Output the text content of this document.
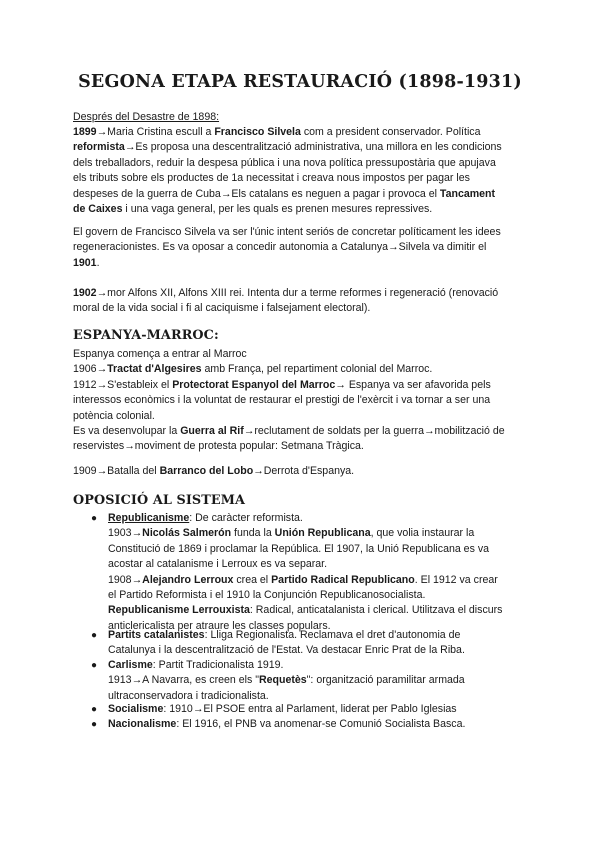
SEGONA ETAPA RESTAURACIÓ (1898-1931)

Després del Desastre de 1898:

1899→Maria Cristina escull a Francisco Silvela com a president conservador. Política
reformista→Es proposa una descentralització administrativa, una millora en les condicions
dels treballadors, reduir la despesa pública i una nova política pressupostària que apujava
els tributs sobre els productes de 1a necessitat i creava nous impostos per pagar les
despeses de la guerra de Cuba→Els catalans es neguen a pagar i provoca el Tancament
de Caixes i una vaga general, per les quals es prenen mesures repressives.
El govern de Francisco Silvela va ser l'únic intent seriós de concretar políticament les idees
regeneracionistes. Es va oposar a concedir autonomia a Catalunya→Silvela va dimitir el
1901.
1902→mor Alfons XII, Alfons XIII rei. Intenta dur a terme reformes i regeneració (renovació
moral de la vida social i fi al caciquisme i falsejament electoral).
ESPANYA-MARROC:
Espanya comença a entrar al Marroc
1906→Tractat d'Algesires amb França, pel repartiment colonial del Marroc.
1912→S'estableix el Protectorat Espanyol del Marroc→ Espanya va ser afavorida pels
interessos econòmics i la voluntat de restaurar el prestigi de l'exèrcit i va tornar a ser una
potència colonial.
Es va desenvolupar la Guerra al Rif→reclutament de soldats per la guerra→mobilització de
reservistes→moviment de protesta popular: Setmana Tràgica.
1909→Batalla del Barranco del Lobo→Derrota d'Espanya.
OPOSICIÓ AL SISTEMA
● Republicanisme: De caràcter reformista.
1903→Nicolás Salmerón funda la Unión Republicana, que volia instaurar la
Constitució de 1869 i proclamar la República. El 1907, la Unió Republicana es va
acostar al catalanisme i Lerroux es va separar.
1908→Alejandro Lerroux crea el Partido Radical Republicano. El 1912 va crear
el Partido Reformista i el 1910 la Conjunción Republicanosocialista.
Republicanisme Lerrouxista: Radical, anticatalanista i clerical. Utilitzava el discurs
anticlericalista per atraure les classes populars.
● Partits catalanistes: Lliga Regionalista. Reclamava el dret d'autonomia de
Catalunya i la descentralització de l'Estat. Va destacar Enric Prat de la Riba.
● Carlisme: Partit Tradicionalista 1919.
1913→A Navarra, es creen els "Requetès": organització paramilitar armada
ultraconservadora i tradicionalista.
● Socialisme: 1910→El PSOE entra al Parlament, liderat per Pablo Iglesias
● Nacionalisme: El 1916, el PNB va anomenar-se Comunió Socialista Basca.
